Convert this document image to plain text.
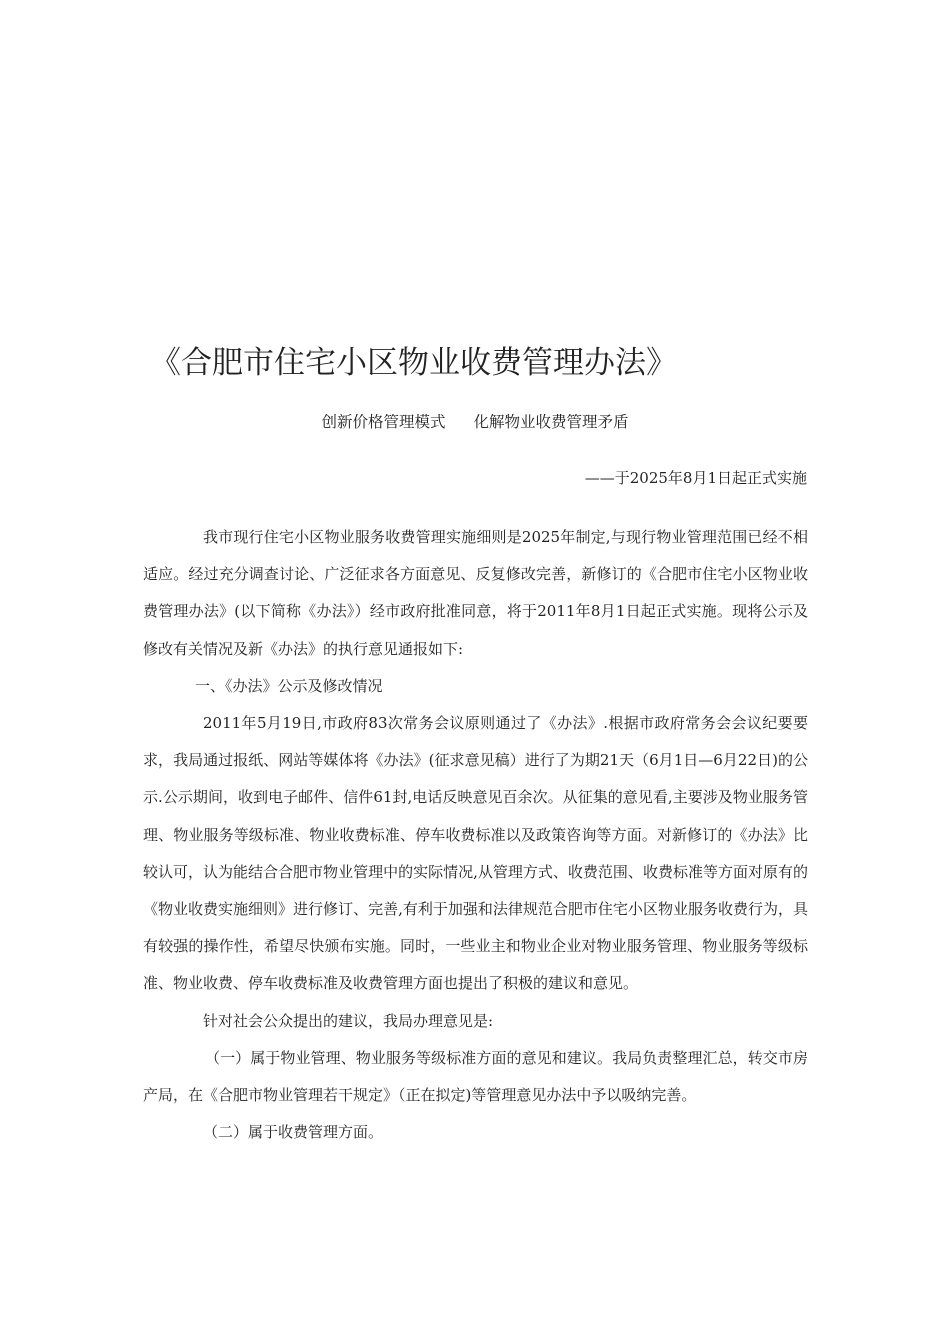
《合肥市住宅小区物业收费管理办法》
创新价格管理模式 化解物业收费管理矛盾
——于2025年8月1日起正式实施

我市现行住宅小区物业服务收费管理实施细则是2025年制定,与现行物业管理范围已经不相适应。经过充分调查讨论、广泛征求各方面意见、反复修改完善，新修订的《合肥市住宅小区物业收费管理办法》(以下简称《办法》）经市政府批准同意，将于2011年8月1日起正式实施。现将公示及修改有关情况及新《办法》的执行意见通报如下:

一、《办法》公示及修改情况

2011年5月19日,市政府83次常务会议原则通过了《办法》.根据市政府常务会会议纪要要求，我局通过报纸、网站等媒体将《办法》(征求意见稿）进行了为期21天（6月1日—6月22日)的公示.公示期间，收到电子邮件、信件61封,电话反映意见百余次。从征集的意见看,主要涉及物业服务管理、物业服务等级标准、物业收费标准、停车收费标准以及政策咨询等方面。对新修订的《办法》比较认可，认为能结合合肥市物业管理中的实际情况,从管理方式、收费范围、收费标准等方面对原有的《物业收费实施细则》进行修订、完善,有利于加强和法律规范合肥市住宅小区物业服务收费行为，具有较强的操作性，希望尽快颁布实施。同时，一些业主和物业企业对物业服务管理、物业服务等级标准、物业收费、停车收费标准及收费管理方面也提出了积极的建议和意见。

针对社会公众提出的建议，我局办理意见是:

（一）属于物业管理、物业服务等级标准方面的意见和建议。我局负责整理汇总，转交市房产局，在《合肥市物业管理若干规定》（正在拟定)等管理意见办法中予以吸纳完善。

（二）属于收费管理方面。
